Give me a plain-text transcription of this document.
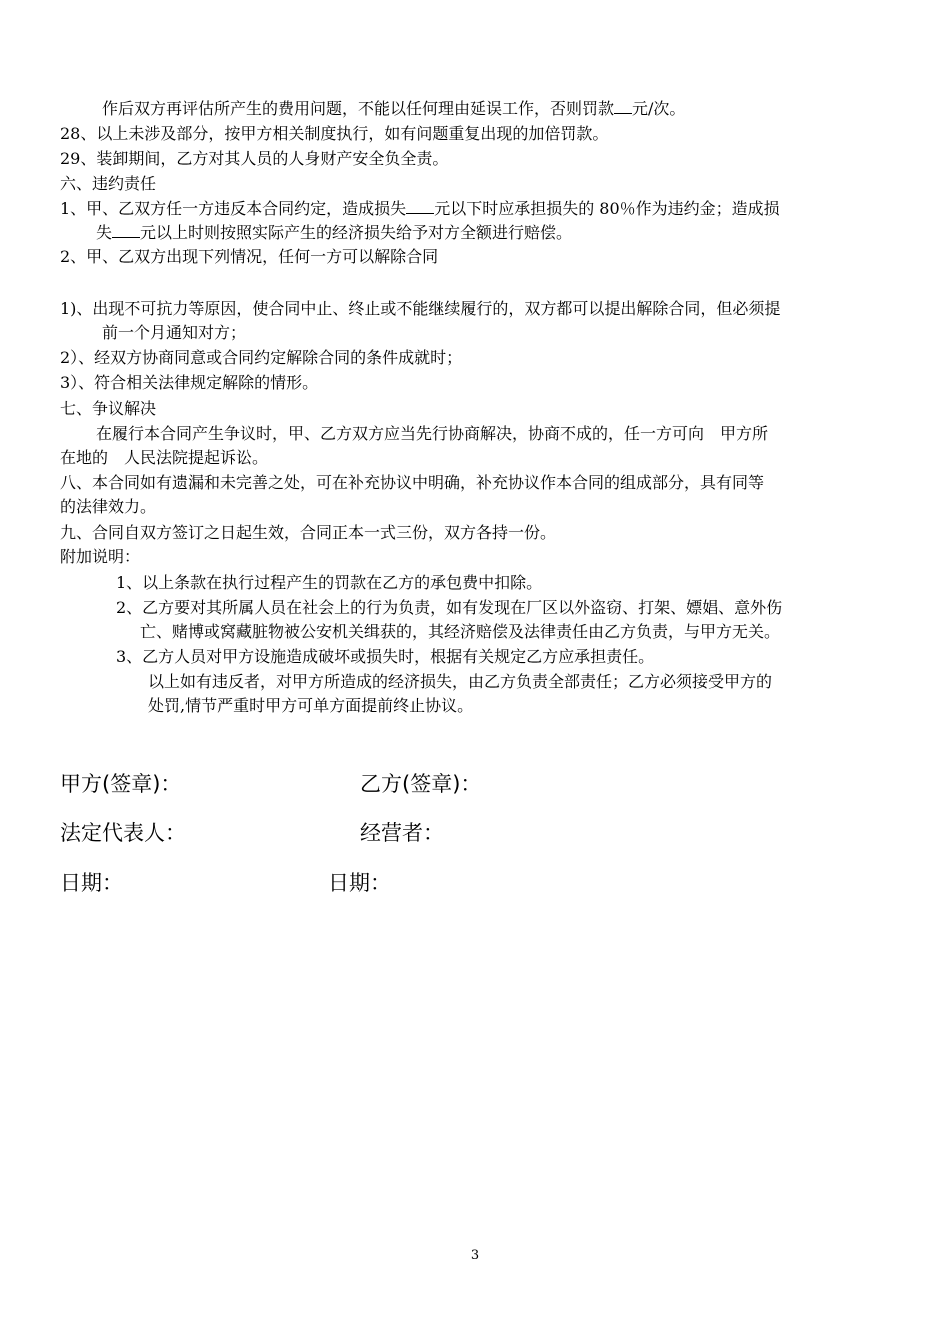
作后双方再评估所产生的费用问题，不能以任何理由延误工作，否则罚款 元/次。
28、以上未涉及部分，按甲方相关制度执行，如有问题重复出现的加倍罚款。
29、装卸期间，乙方对其人员的人身财产安全负全责。
六、违约责任
1、甲、乙双方任一方违反本合同约定，造成损失 元以下时应承担损失的 80％作为违约金；造成损
失 元以上时则按照实际产生的经济损失给予对方全额进行赔偿。
2、甲、乙双方出现下列情况，任何一方可以解除合同
1)、出现不可抗力等原因，使合同中止、终止或不能继续履行的，双方都可以提出解除合同，但必须提
前一个月通知对方；
2）、经双方协商同意或合同约定解除合同的条件成就时；
3）、符合相关法律规定解除的情形。
七、争议解决
在履行本合同产生争议时，甲、乙方双方应当先行协商解决，协商不成的，任一方可向　甲方所
在地的　人民法院提起诉讼。
八、本合同如有遗漏和未完善之处，可在补充协议中明确，补充协议作本合同的组成部分，具有同等
的法律效力。
九、合同自双方签订之日起生效，合同正本一式三份，双方各持一份。
附加说明：
1、以上条款在执行过程产生的罚款在乙方的承包费中扣除。
2、乙方要对其所属人员在社会上的行为负责，如有发现在厂区以外盗窃、打架、嫖娼、意外伤
亡、赌博或窝藏脏物被公安机关缉获的，其经济赔偿及法律责任由乙方负责，与甲方无关。
3、乙方人员对甲方设施造成破坏或损失时，根据有关规定乙方应承担责任。
以上如有违反者，对甲方所造成的经济损失，由乙方负责全部责任；乙方必须接受甲方的
处罚,情节严重时甲方可单方面提前终止协议。
甲方(签章)：	乙方(签章)：
法定代表人：	经营者：
日期：	日期：
3
